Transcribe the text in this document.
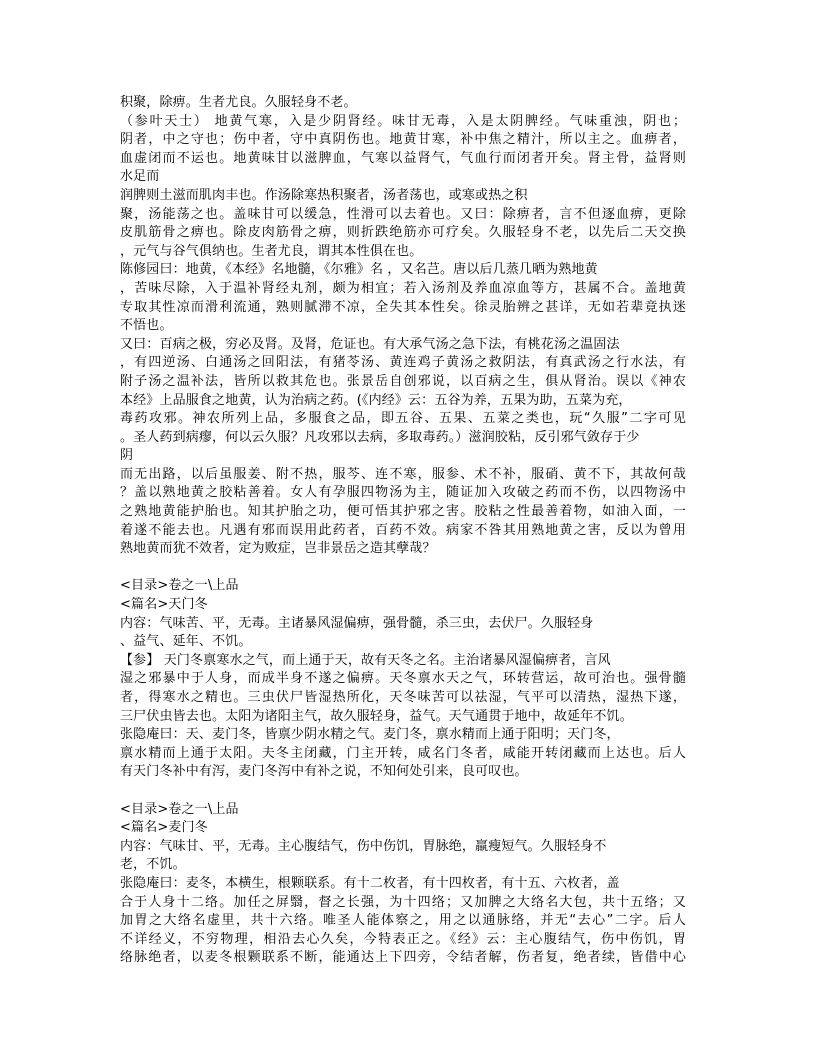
积聚，除痹。生者尤良。久服轻身不老。
（参叶天士） 地黄气寒，入是少阴肾经。味甘无毒，入是太阴脾经。气味重浊，阴也；
阴者，中之守也；伤中者，守中真阴伤也。地黄甘寒，补中焦之精汁，所以主之。血痹者，
血虚闭而不运也。地黄味甘以滋脾血，气寒以益肾气，气血行而闭者开矣。肾主骨，益肾则
水足而
润脾则土滋而肌肉丰也。作汤除寒热积聚者，汤者荡也，或寒或热之积
聚，汤能荡之也。盖味甘可以缓急，性滑可以去着也。又曰：除痹者，言不但逐血痹，更除
皮肌筋骨之痹也。除皮肉筋骨之痹，则折跌绝筋亦可疗矣。久服轻身不老，以先后二天交换
，元气与谷气俱纳也。生者尤良，谓其本性俱在也。
陈修园曰：地黄，《本经》名地髓，《尔雅》名 ，又名芑。唐以后几蒸几晒为熟地黄
，苦味尽除，入于温补肾经丸剂，颇为相宜；若入汤剂及养血凉血等方，甚属不合。盖地黄
专取其性凉而滑利流通，熟则腻滞不凉，全失其本性矣。徐灵胎辨之甚详，无如若辈竟执迷
不悟也。
又曰：百病之极，穷必及肾。及肾，危证也。有大承气汤之急下法，有桃花汤之温固法
，有四逆汤、白通汤之回阳法，有猪苓汤、黄连鸡子黄汤之救阴法，有真武汤之行水法，有
附子汤之温补法，皆所以救其危也。张景岳自创邪说，以百病之生，俱从肾治。误以《神农
本经》上品服食之地黄，认为治病之药。(《内经》云：五谷为养，五果为助，五菜为充，
毒药攻邪。神农所列上品，多服食之品，即五谷、五果、五菜之类也，玩“久服”二字可见
。圣人药到病瘳，何以云久服？凡攻邪以去病，多取毒药。）滋润胶粘，反引邪气敛存于少
阴
而无出路，以后虽服姜、附不热，服芩、连不寒，服参、术不补，服硝、黄不下，其故何哉
？盖以熟地黄之胶粘善着。女人有孕服四物汤为主，随证加入攻破之药而不伤，以四物汤中
之熟地黄能护胎也。知其护胎之功，便可悟其护邪之害。胶粘之性最善着物，如油入面，一
着遂不能去也。凡遇有邪而误用此药者，百药不效。病家不咎其用熟地黄之害，反以为曾用
熟地黄而犹不效者，定为败症，岂非景岳之造其孽哉？
<目录>卷之一\上品
<篇名>天门冬
内容：气味苦、平，无毒。主诸暴风湿偏痹，强骨髓，杀三虫，去伏尸。久服轻身
、益气、延年、不饥。
【参】 天门冬禀寒水之气，而上通于天，故有天冬之名。主治诸暴风湿偏痹者，言风
湿之邪暴中于人身，而成半身不遂之偏痹。天冬禀水天之气，环转营运，故可治也。强骨髓
者，得寒水之精也。三虫伏尸皆湿热所化，天冬味苦可以祛湿，气平可以清热，湿热下遂，
三尸伏虫皆去也。太阳为诸阳主气，故久服轻身，益气。天气通贯于地中，故延年不饥。
张隐庵曰：天、麦门冬，皆禀少阴水精之气。麦门冬，禀水精而上通于阳明；天门冬，
禀水精而上通于太阳。夫冬主闭藏，门主开转，咸名门冬者，咸能开转闭藏而上达也。后人
有天门冬补中有泻，麦门冬泻中有补之说，不知何处引来，良可叹也。
<目录>卷之一\上品
<篇名>麦门冬
内容：气味甘、平，无毒。主心腹结气，伤中伤饥，胃脉绝，羸瘦短气。久服轻身不
老，不饥。
张隐庵曰：麦冬，本横生，根颗联系。有十二枚者，有十四枚者，有十五、六枚者，盖
合于人身十二络。加任之屏翳，督之长强，为十四络；又加脾之大络名大包，共十五络；又
加胃之大络名虚里，共十六络。唯圣人能体察之，用之以通脉络，并无“去心”二字。后人
不详经义，不穷物理，相沿去心久矣，今特表正之。《经》云：主心腹结气，伤中伤饥，胃
络脉绝者，以麦冬根颗联系不断，能通达上下四旁，令结者解，伤者复，绝者续，皆借中心
